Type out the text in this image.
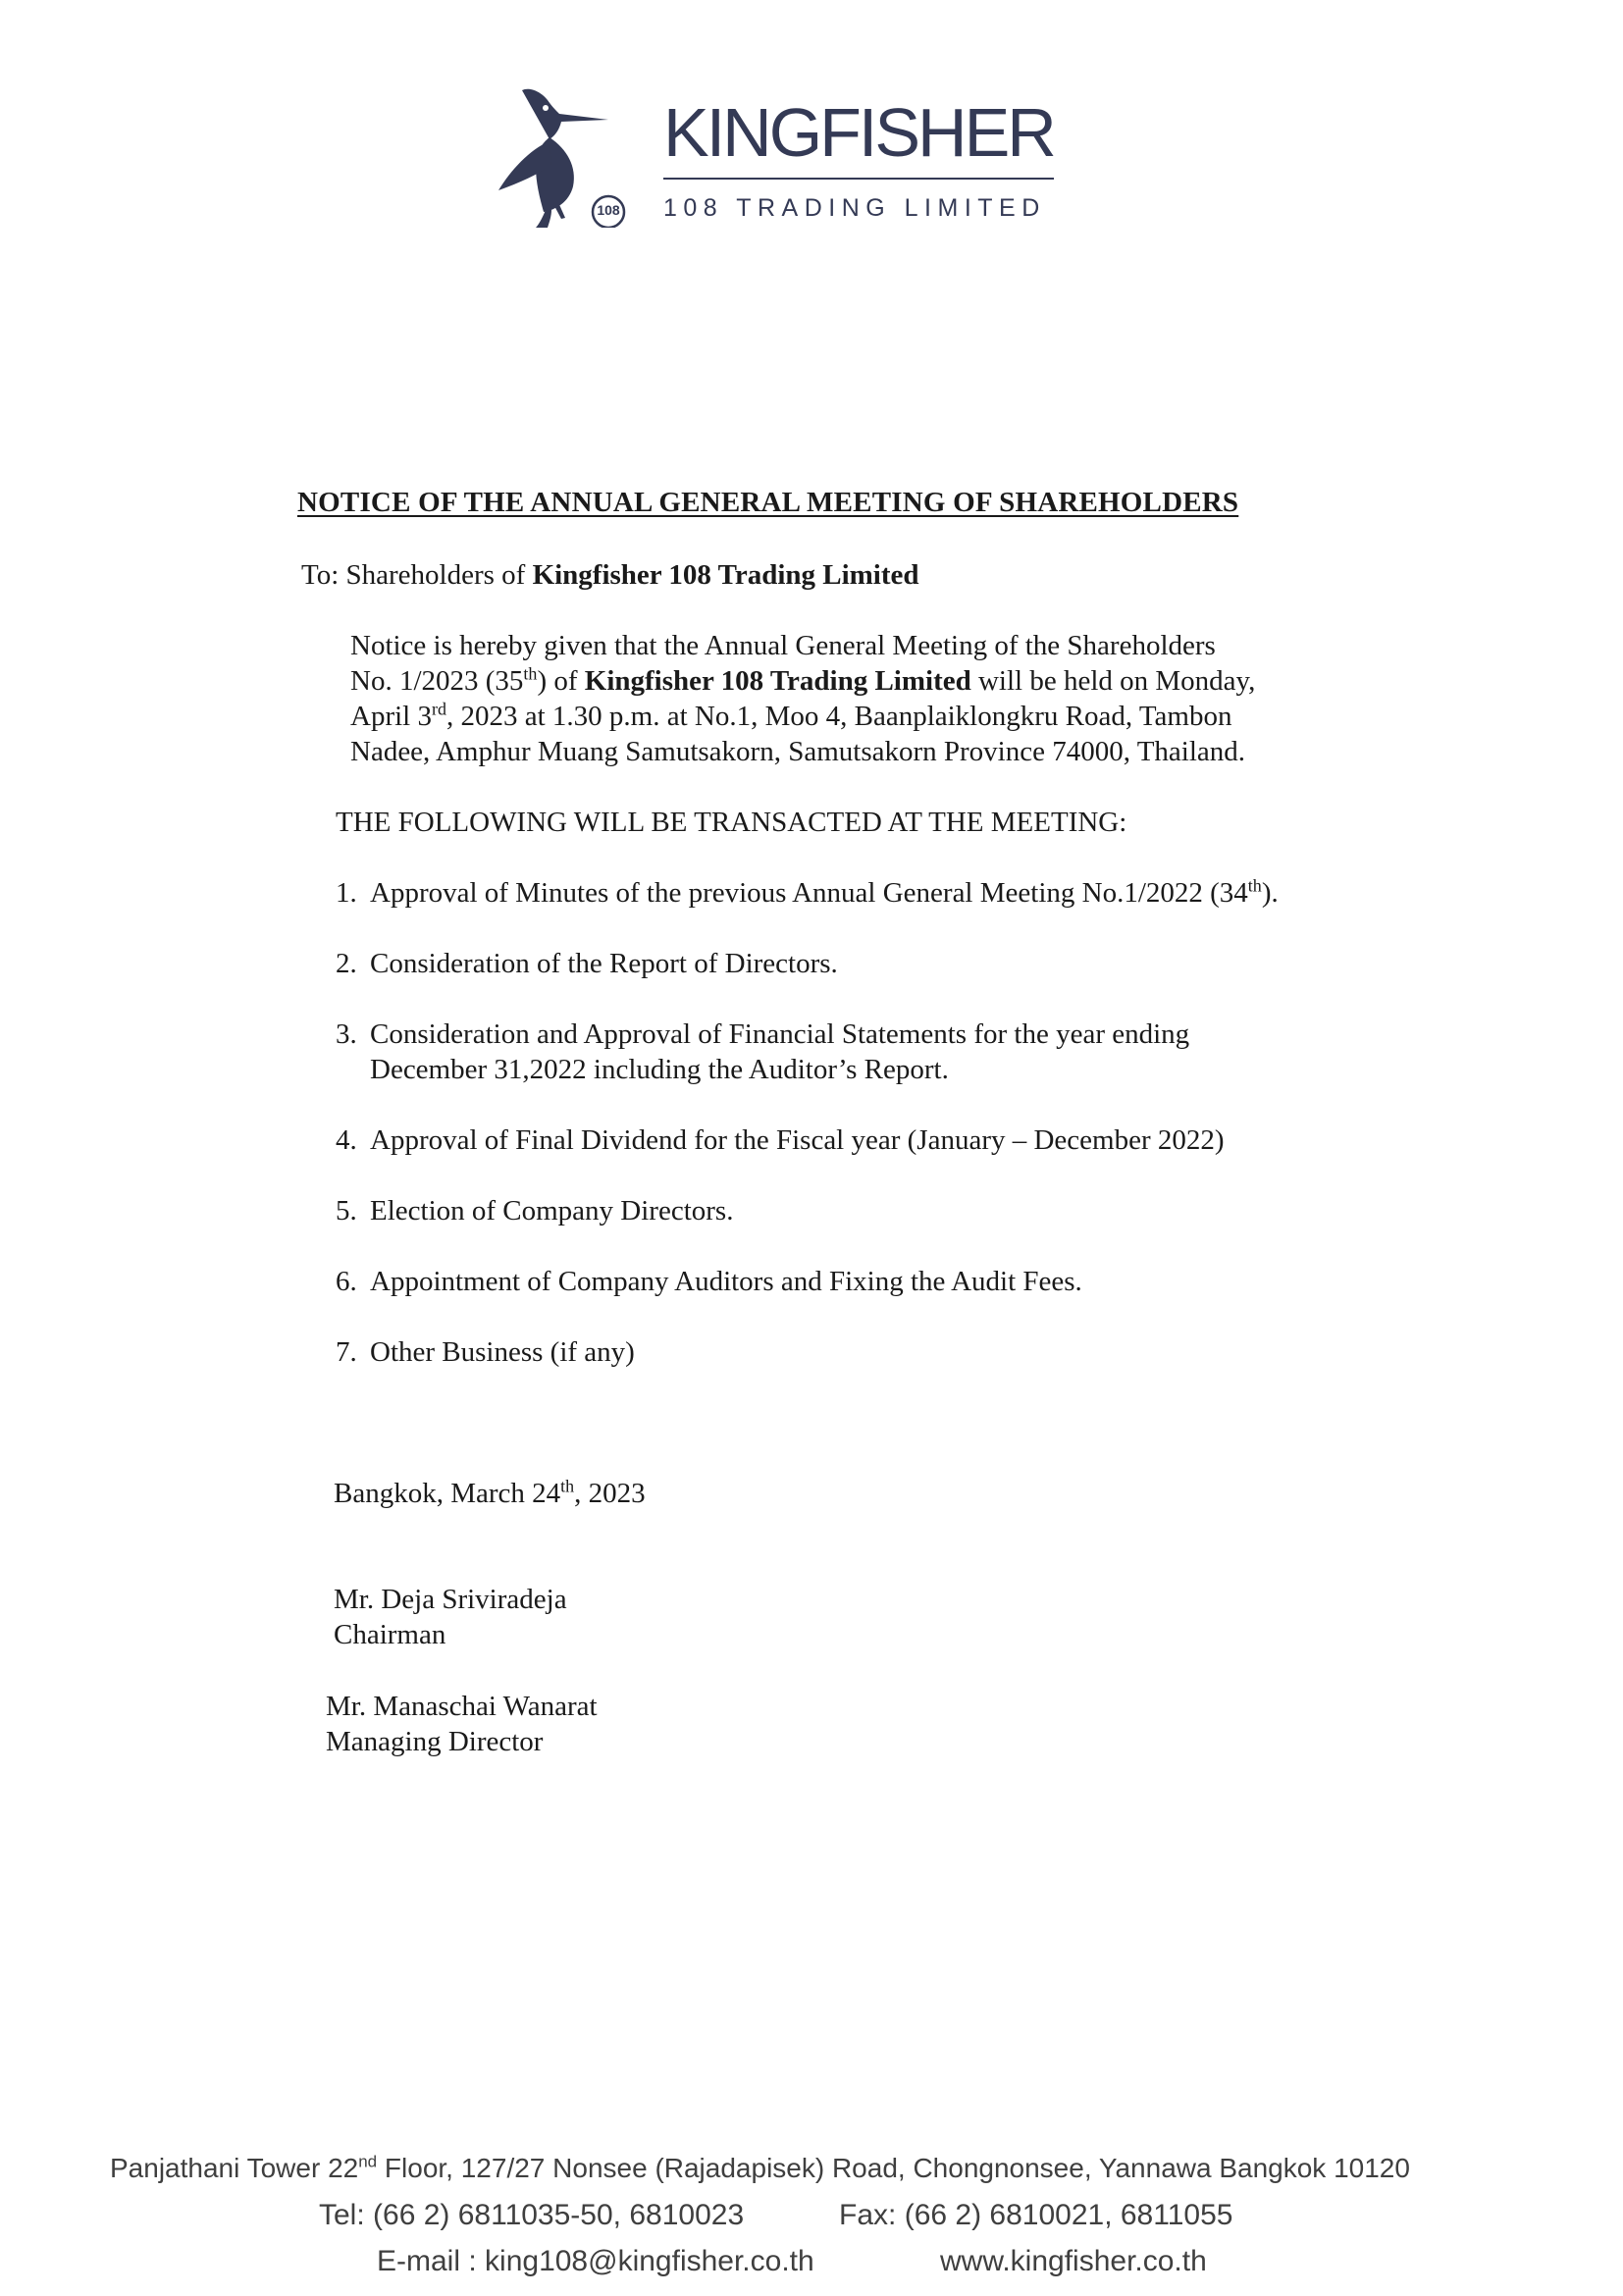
108
KINGFISHER
108 TRADING LIMITED
NOTICE OF THE ANNUAL GENERAL MEETING OF SHAREHOLDERS
To: Shareholders of Kingfisher 108 Trading Limited
Notice is hereby given that the Annual General Meeting of the Shareholders
No. 1/2023 (35th) of Kingfisher 108 Trading Limited will be held on Monday,
April 3rd, 2023 at 1.30 p.m. at No.1, Moo 4, Baanplaiklongkru Road, Tambon
Nadee, Amphur Muang Samutsakorn, Samutsakorn Province 74000, Thailand.
THE FOLLOWING WILL BE TRANSACTED AT THE MEETING:
1. Approval of Minutes of the previous Annual General Meeting No.1/2022 (34th).
2. Consideration of the Report of Directors.
3. Consideration and Approval of Financial Statements for the year ending
December 31,2022 including the Auditor’s Report.
4. Approval of Final Dividend for the Fiscal year (January – December 2022)
5. Election of Company Directors.
6. Appointment of Company Auditors and Fixing the Audit Fees.
7. Other Business (if any)
Bangkok, March 24th, 2023
Mr. Deja Sriviradeja
Chairman
Mr. Manaschai Wanarat
Managing Director
Panjathani Tower 22nd Floor, 127/27 Nonsee (Rajadapisek) Road, Chongnonsee, Yannawa Bangkok 10120
Tel: (66 2) 6811035-50, 6810023	Fax: (66 2) 6810021, 6811055
E-mail : king108@kingfisher.co.th	www.kingfisher.co.th
